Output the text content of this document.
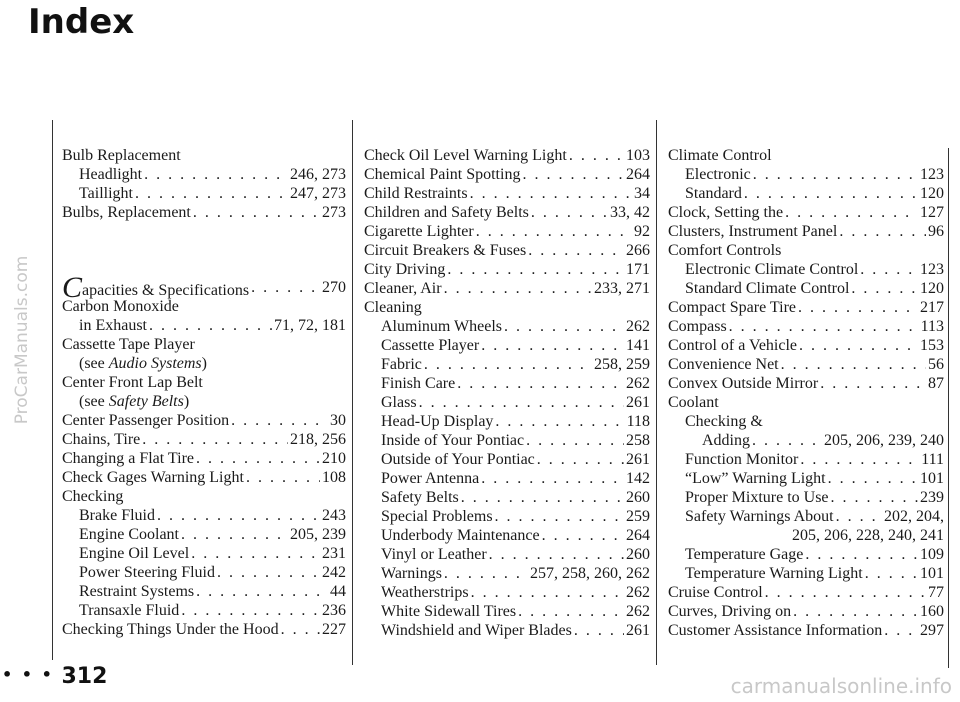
Index
ProCarManuals.com
Bulb Replacement
Headlight . . .	246, 273
Taillight . . .	247, 273
Bulbs, Replacement . . .	273
Capacities & Specifications . . .	270
Carbon Monoxide
in Exhaust . . .	71, 72, 181
Cassette Tape Player
(see Audio Systems)
Center Front Lap Belt
(see Safety Belts)
Center Passenger Position . . .	30
Chains, Tire . . .	218, 256
Changing a Flat Tire . . .	210
Check Gages Warning Light . . .	108
Checking
Brake Fluid . . .	243
Engine Coolant . . .	205, 239
Engine Oil Level . . .	231
Power Steering Fluid . . .	242
Restraint Systems . . .	44
Transaxle Fluid . . .	236
Checking Things Under the Hood . . .	227
Check Oil Level Warning Light . . .	103
Chemical Paint Spotting . . .	264
Child Restraints . . .	34
Children and Safety Belts . . .	33, 42
Cigarette Lighter . . .	92
Circuit Breakers & Fuses . . .	266
City Driving . . .	171
Cleaner, Air . . .	233, 271
Cleaning
Aluminum Wheels . . .	262
Cassette Player . . .	141
Fabric . . .	258, 259
Finish Care . . .	262
Glass . . .	261
Head-Up Display . . .	118
Inside of Your Pontiac . . .	258
Outside of Your Pontiac . . .	261
Power Antenna . . .	142
Safety Belts . . .	260
Special Problems . . .	259
Underbody Maintenance . . .	264
Vinyl or Leather . . .	260
Warnings . . .	257, 258, 260, 262
Weatherstrips . . .	262
White Sidewall Tires . . .	262
Windshield and Wiper Blades . . .	261
Climate Control
Electronic . . .	123
Standard . . .	120
Clock, Setting the . . .	127
Clusters, Instrument Panel . . .	96
Comfort Controls
Electronic Climate Control . . .	123
Standard Climate Control . . .	120
Compact Spare Tire . . .	217
Compass . . .	113
Control of a Vehicle . . .	153
Convenience Net . . .	56
Convex Outside Mirror . . .	87
Coolant
Checking &
Adding . . .	205, 206, 239, 240
Function Monitor . . .	111
“Low” Warning Light . . .	101
Proper Mixture to Use . . .	239
Safety Warnings About . . .	202, 204,
205, 206, 228, 240, 241
Temperature Gage . . .	109
Temperature Warning Light . . .	101
Cruise Control . . .	77
Curves, Driving on . . .	160
Customer Assistance Information . . . 297
• • • 312	carmanualsonline.info
